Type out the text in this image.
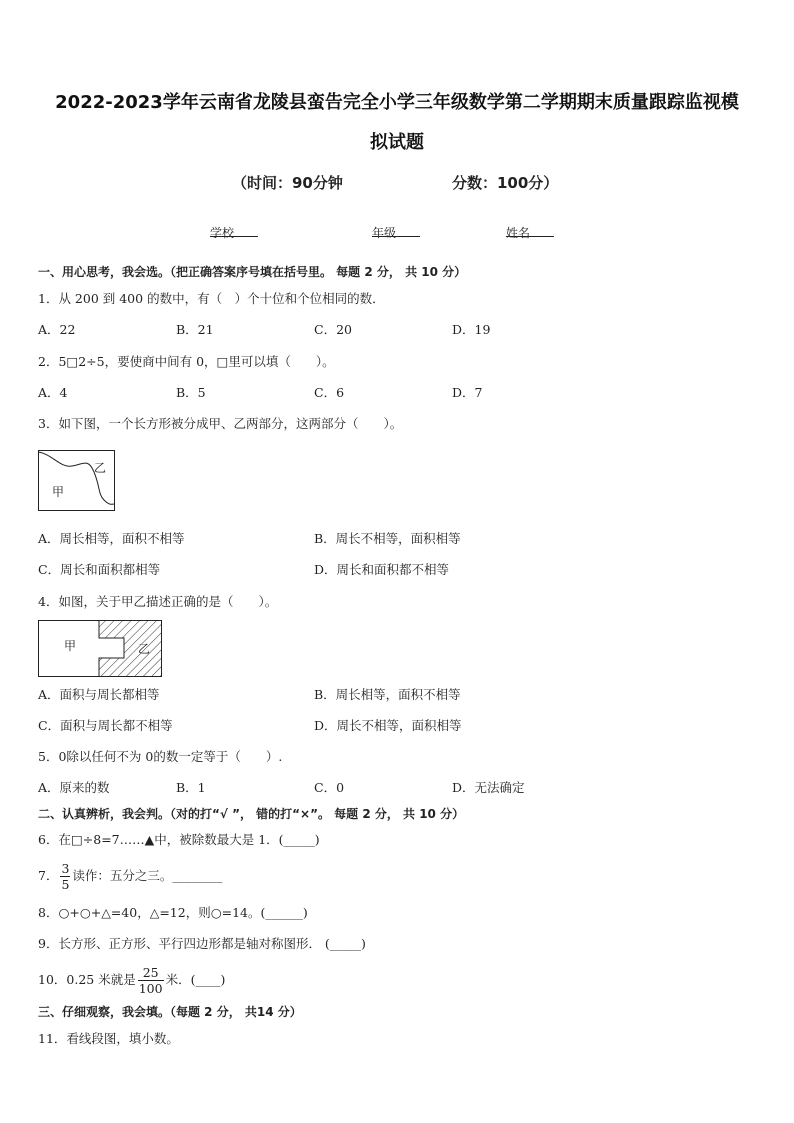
2022-2023学年云南省龙陵县蛮告完全小学三年级数学第二学期期末质量跟踪监视模
拟试题
（时间：90分钟	分数：100分）
学校	年级	姓名
一、用心思考，我会选。（把正确答案序号填在括号里。 每题 2 分， 共 10 分）
1．从 200 到 400 的数中，有（　）个十位和个位相同的数．
A．22	B．21	C．20	D．19
2．5□2÷5，要使商中间有 0，□里可以填（　　）。
A．4	B．5	C．6	D．7
3．如下图，一个长方形被分成甲、乙两部分，这两部分（　　）。
甲
乙
A．周长相等，面积不相等	B．周长不相等，面积相等
C．周长和面积都相等	D．周长和面积都不相等
4．如图，关于甲乙描述正确的是（　　）。
甲	乙
A．面积与周长都相等	B．周长相等，面积不相等
C．面积与周长都不相等	D．周长不相等，面积相等
5．0除以任何不为 0的数一定等于（　　）.
A．原来的数	B．1	C．0	D．无法确定
二、认真辨析，我会判。（对的打“√ ”， 错的打“×”。 每题 2 分， 共 10 分）
6．在□÷8=7……▲中，被除数最大是 1．(_____)
7． $\frac{3}{5}$ 读作：五分之三。________
8．○+○+△=40，△=12，则○=14。(______)
9．长方形、正方形、平行四边形都是轴对称图形． (_____)
10．0.25 米就是 $\frac{25}{100}$ 米．(____)
三、仔细观察，我会填。（每题 2 分， 共14 分）
11．看线段图，填小数。
